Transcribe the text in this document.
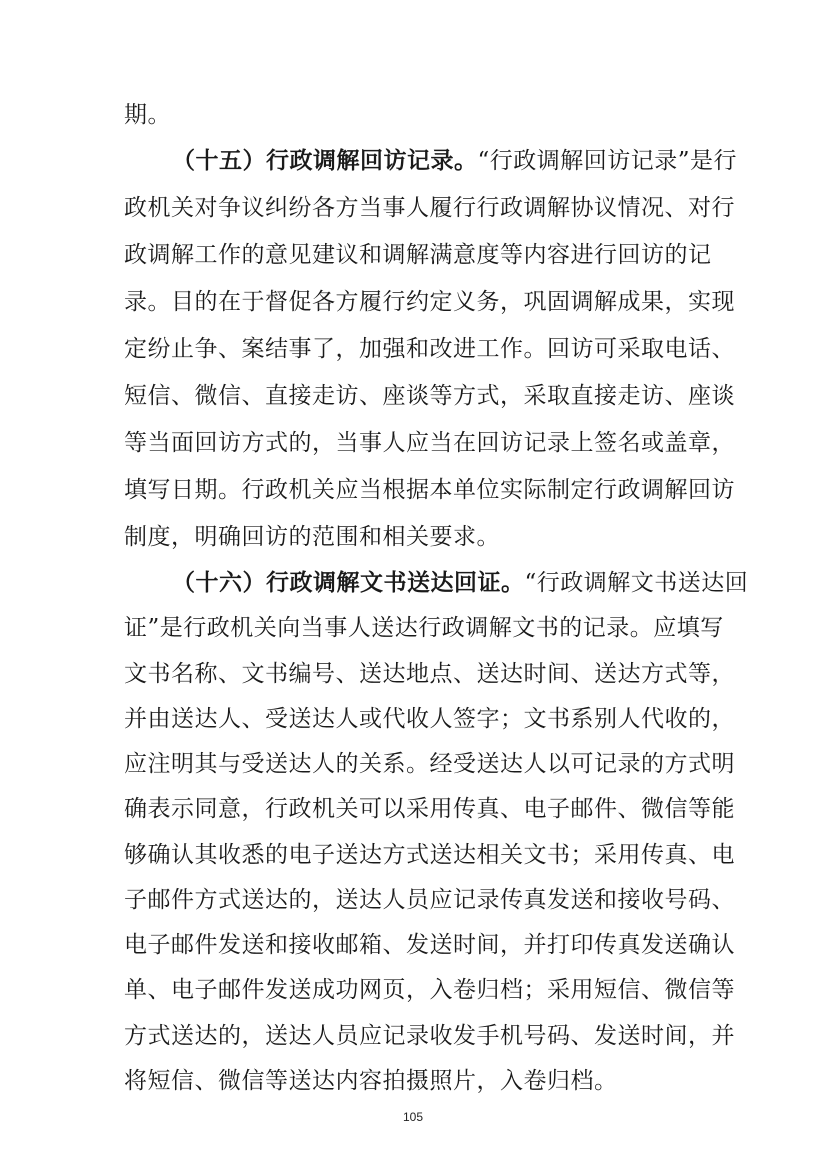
期。
（十五）行政调解回访记录。“行政调解回访记录”是行
政机关对争议纠纷各方当事人履行行政调解协议情况、对行
政调解工作的意见建议和调解满意度等内容进行回访的记
录。目的在于督促各方履行约定义务，巩固调解成果，实现
定纷止争、案结事了，加强和改进工作。回访可采取电话、
短信、微信、直接走访、座谈等方式，采取直接走访、座谈
等当面回访方式的，当事人应当在回访记录上签名或盖章，
填写日期。行政机关应当根据本单位实际制定行政调解回访
制度，明确回访的范围和相关要求。
（十六）行政调解文书送达回证。“行政调解文书送达回
证”是行政机关向当事人送达行政调解文书的记录。应填写
文书名称、文书编号、送达地点、送达时间、送达方式等，
并由送达人、受送达人或代收人签字；文书系别人代收的，
应注明其与受送达人的关系。经受送达人以可记录的方式明
确表示同意，行政机关可以采用传真、电子邮件、微信等能
够确认其收悉的电子送达方式送达相关文书；采用传真、电
子邮件方式送达的，送达人员应记录传真发送和接收号码、
电子邮件发送和接收邮箱、发送时间，并打印传真发送确认
单、电子邮件发送成功网页，入卷归档；采用短信、微信等
方式送达的，送达人员应记录收发手机号码、发送时间，并
105
将短信、微信等送达内容拍摄照片，入卷归档。
